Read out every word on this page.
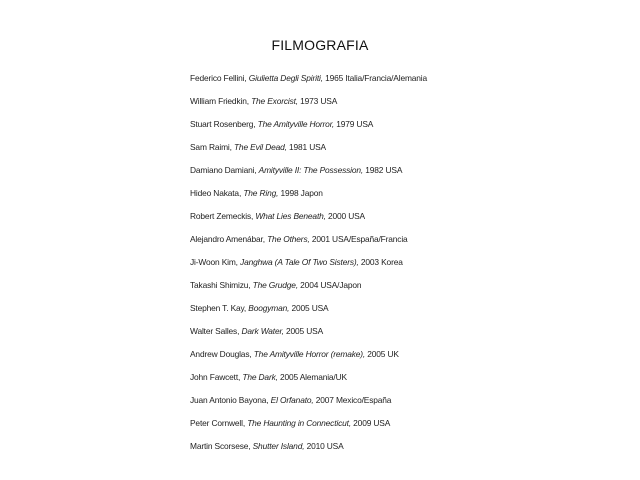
FILMOGRAFIA
Federico Fellini, Giulietta Degli Spiriti, 1965 Italia/Francia/Alemania
William Friedkin, The Exorcist, 1973 USA
Stuart Rosenberg, The Amityville Horror, 1979 USA
Sam Raimi, The Evil Dead, 1981 USA
Damiano Damiani, Amityville II: The Possession, 1982 USA
Hideo Nakata, The Ring, 1998 Japon
Robert Zemeckis, What Lies Beneath, 2000 USA
Alejandro Amenábar, The Others, 2001 USA/España/Francia
Ji-Woon Kim, Janghwa (A Tale Of Two Sisters), 2003 Korea
Takashi Shimizu, The Grudge, 2004 USA/Japon
Stephen T. Kay, Boogyman, 2005 USA
Walter Salles, Dark Water, 2005 USA
Andrew Douglas, The Amityville Horror (remake), 2005 UK
John Fawcett, The Dark, 2005 Alemania/UK
Juan Antonio Bayona, El Orfanato, 2007 Mexico/España
Peter Cornwell, The Haunting in Connecticut, 2009 USA
Martin Scorsese, Shutter Island, 2010 USA
